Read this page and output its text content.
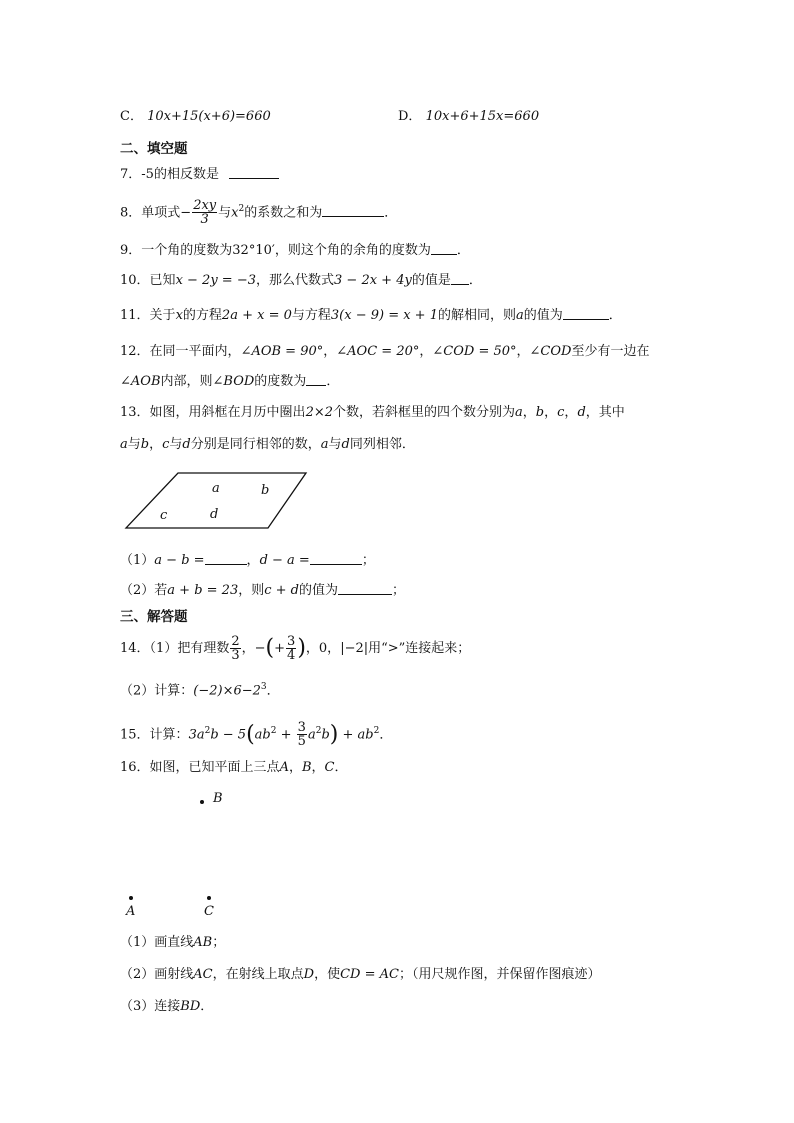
C． 10x+15(x+6)=660	D． 10x+6+15x=660
二、填空题
7．-5的相反数是
8．单项式− $\frac{2xy}{3}$ 与$x^2$的系数之和为	．
9．一个角的度数为32°10′，则这个角的余角的度数为 ．
10．已知x − 2y = −3，那么代数式3 − 2x + 4y的值是 ．
11．关于x的方程2a + x = 0与方程3(x − 9) = x + 1的解相同，则a的值为	．
12．在同一平面内，∠AOB = 90°，∠AOC = 20°，∠COD = 50°，∠COD至少有一边在
∠AOB内部，则∠BOD的度数为 ．
13．如图，用斜框在月历中圈出2×2个数，若斜框里的四个数分别为a，b，c，d，其中
a与b，c与d分别是同行相邻的数，a与d同列相邻．
a	b
c	d
（1）a − b =	，d − a =	；
（2）若a + b = 23，则c + d的值为	；
三、解答题
14．（1）把有理数 $\frac{2}{3}$ ，−(+ $\frac{3}{4}$ )，0，|−2|用“>”连接起来；
（2）计算：$(-2)\times 6-2^3$．
15．计算：$3a^2b - 5(ab^2 + \frac{3}{5} a^2b) + ab^2$．
16．如图，已知平面上三点A，B，C．
B
A	C
（1）画直线AB；
（2）画射线AC，在射线上取点D，使CD = AC；（用尺规作图，并保留作图痕迹）
（3）连接BD．
